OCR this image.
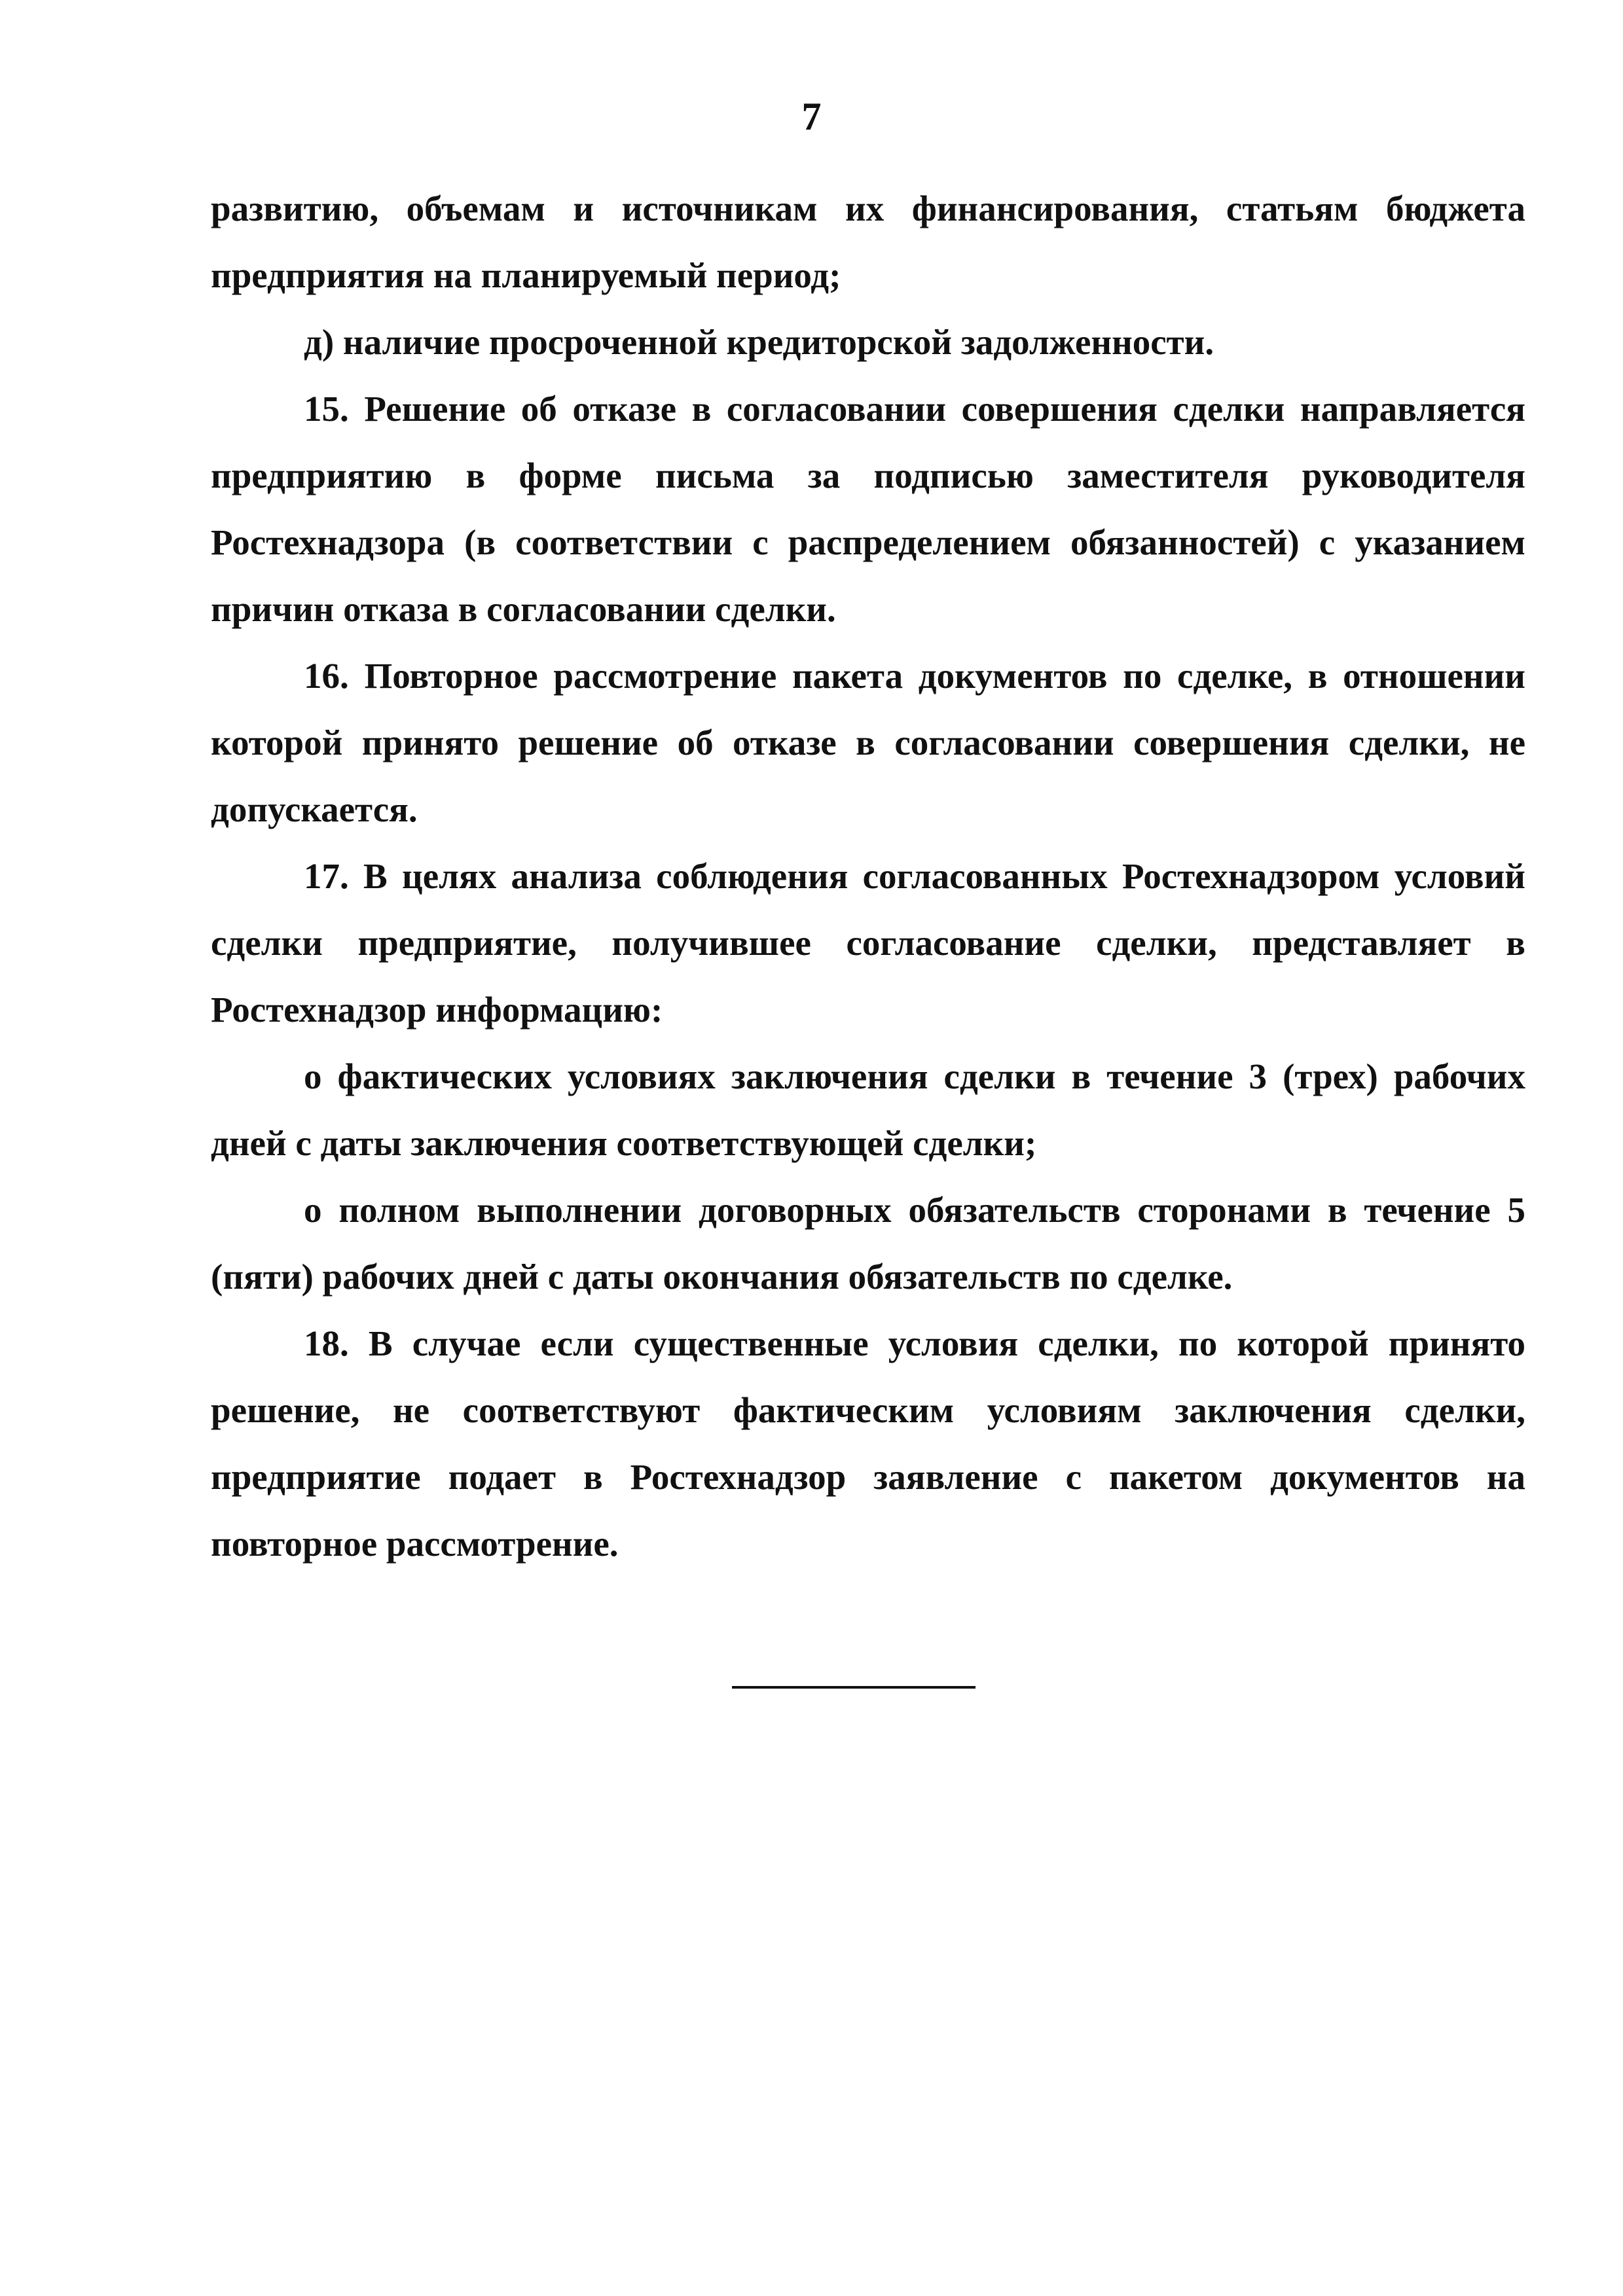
7

развитию, объемам и источникам их финансирования, статьям бюджета предприятия на планируемый период;

д) наличие просроченной кредиторской задолженности.

15. Решение об отказе в согласовании совершения сделки направляется предприятию в форме письма за подписью заместителя руководителя Ростехнадзора (в соответствии с распределением обязанностей) с указанием причин отказа в согласовании сделки.

16. Повторное рассмотрение пакета документов по сделке, в отношении которой принято решение об отказе в согласовании совершения сделки, не допускается.

17. В целях анализа соблюдения согласованных Ростехнадзором условий сделки предприятие, получившее согласование сделки, представляет в Ростехнадзор информацию:

о фактических условиях заключения сделки в течение 3 (трех) рабочих дней с даты заключения соответствующей сделки;

о полном выполнении договорных обязательств сторонами в течение 5 (пяти) рабочих дней с даты окончания обязательств по сделке.

18. В случае если существенные условия сделки, по которой принято решение, не соответствуют фактическим условиям заключения сделки, предприятие подает в Ростехнадзор заявление с пакетом документов на повторное рассмотрение.
